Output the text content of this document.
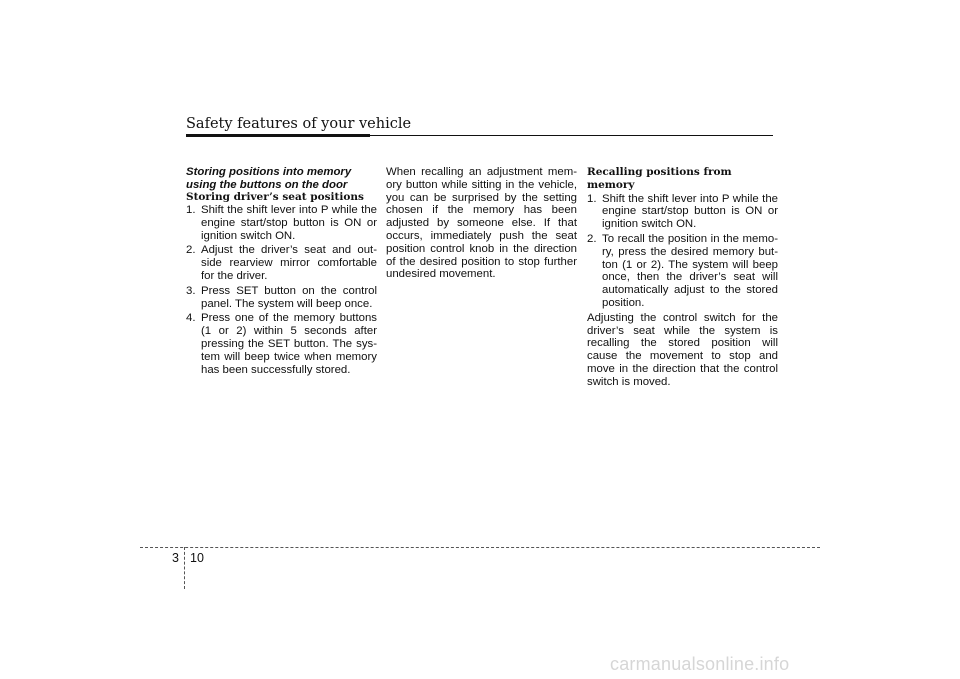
Safety features of your vehicle
Storing positions into memory using the buttons on the door
Storing driver’s seat positions
1. Shift the shift lever into P while the engine start/stop button is ON or ignition switch ON.
2. Adjust the driver’s seat and out-side rearview mirror comfortable for the driver.
3. Press SET button on the control panel. The system will beep once.
4. Press one of the memory buttons (1 or 2) within 5 seconds after pressing the SET button. The sys-tem will beep twice when memory has been successfully stored.

When recalling an adjustment mem-ory button while sitting in the vehicle, you can be surprised by the setting chosen if the memory has been adjusted by someone else. If that occurs, immediately push the seat position control knob in the direction of the desired position to stop further undesired movement.

Recalling positions from memory
1. Shift the shift lever into P while the engine start/stop button is ON or ignition switch ON.
2. To recall the position in the memo-ry, press the desired memory but-ton (1 or 2). The system will beep once, then the driver’s seat will automatically adjust to the stored position.

Adjusting the control switch for the driver’s seat while the system is recalling the stored position will cause the movement to stop and move in the direction that the control switch is moved.

3 10
carmanualsonline.info
